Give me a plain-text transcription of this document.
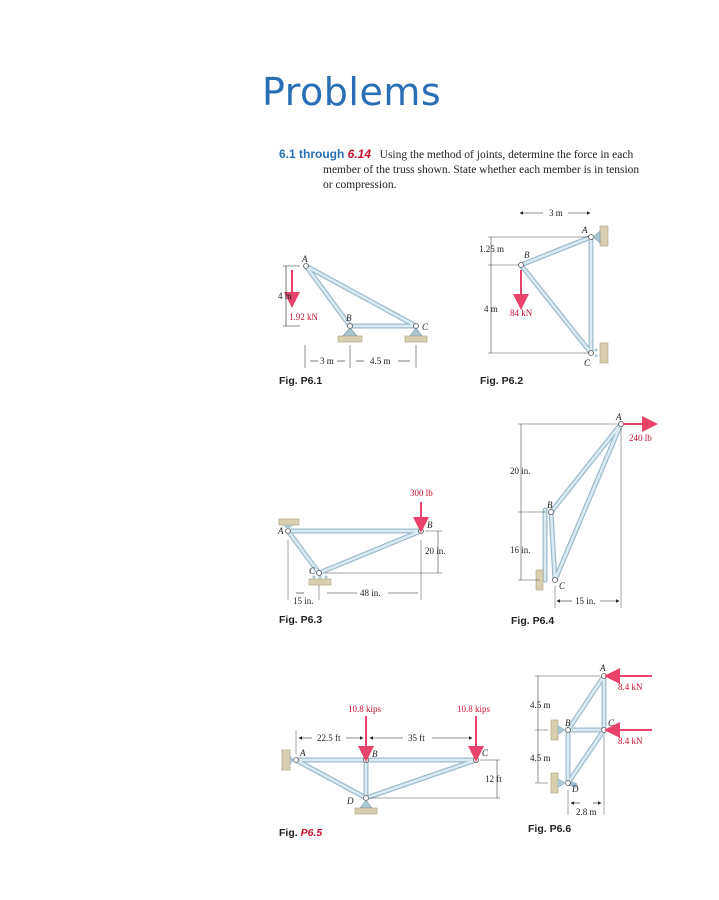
Problems
6.1 through 6.14 Using the method of joints, determine the force in each
member of the truss shown. State whether each member is in tension
or compression.
A
B
C
4 m
1.92 kN
3 m	4.5 m
Fig. P6.1
3 m
A
B
C
1.25 m
4 m 84 kN
Fig. P6.2
300 lb
B
A
C
20 in.
15 in.
48 in.
Fig. P6.3
A
240 lb
B
C
20 in.
16 in.
15 in.
Fig. P6.4
10.8 kips	10.8 kips
22.5 ft	35 ft
A	B	C
D
12 ft
Fig. P6.5
A
8.4 kN
B	C
8.4 kN
4.5 m
4.5 m
D
2.8 m
Fig. P6.6
